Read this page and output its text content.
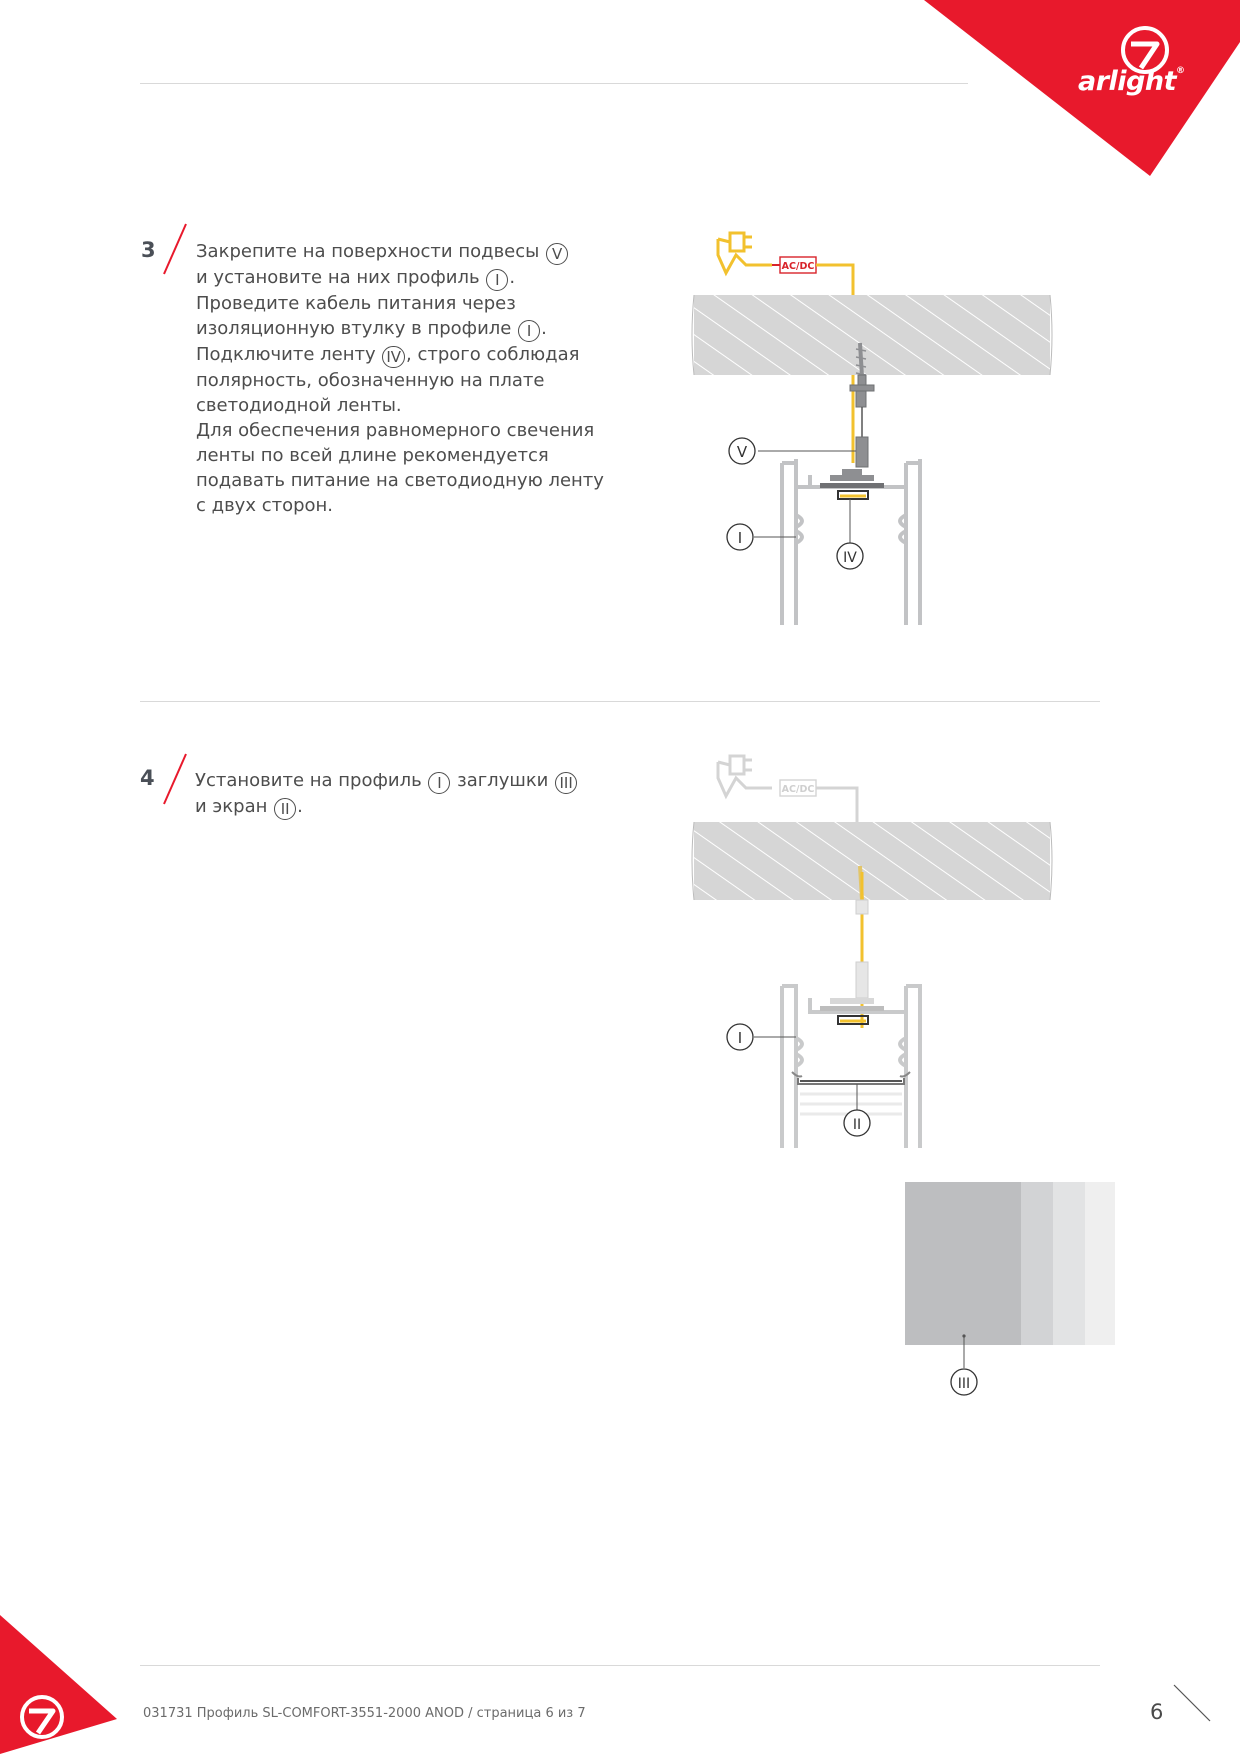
arlight®
3 Закрепите на поверхности подвесы V

и установите на них профиль I .

Проведите кабель питания через

изоляционную втулку в профиле I .

Подключите ленту IV , строго соблюдая

полярность, обозначенную на плате

светодиодной ленты.

Для обеспечения равномерного свечения

ленты по всей длине рекомендуется

подавать питание на светодиодную ленту

с двух сторон.

AC/DC
V
I
IV
4 Установите на профиль I заглушки III

и экран II .

AC/DC
I
II
III
031731 Профиль SL-COMFORT-3551-2000 ANOD / страница 6 из 7	6
